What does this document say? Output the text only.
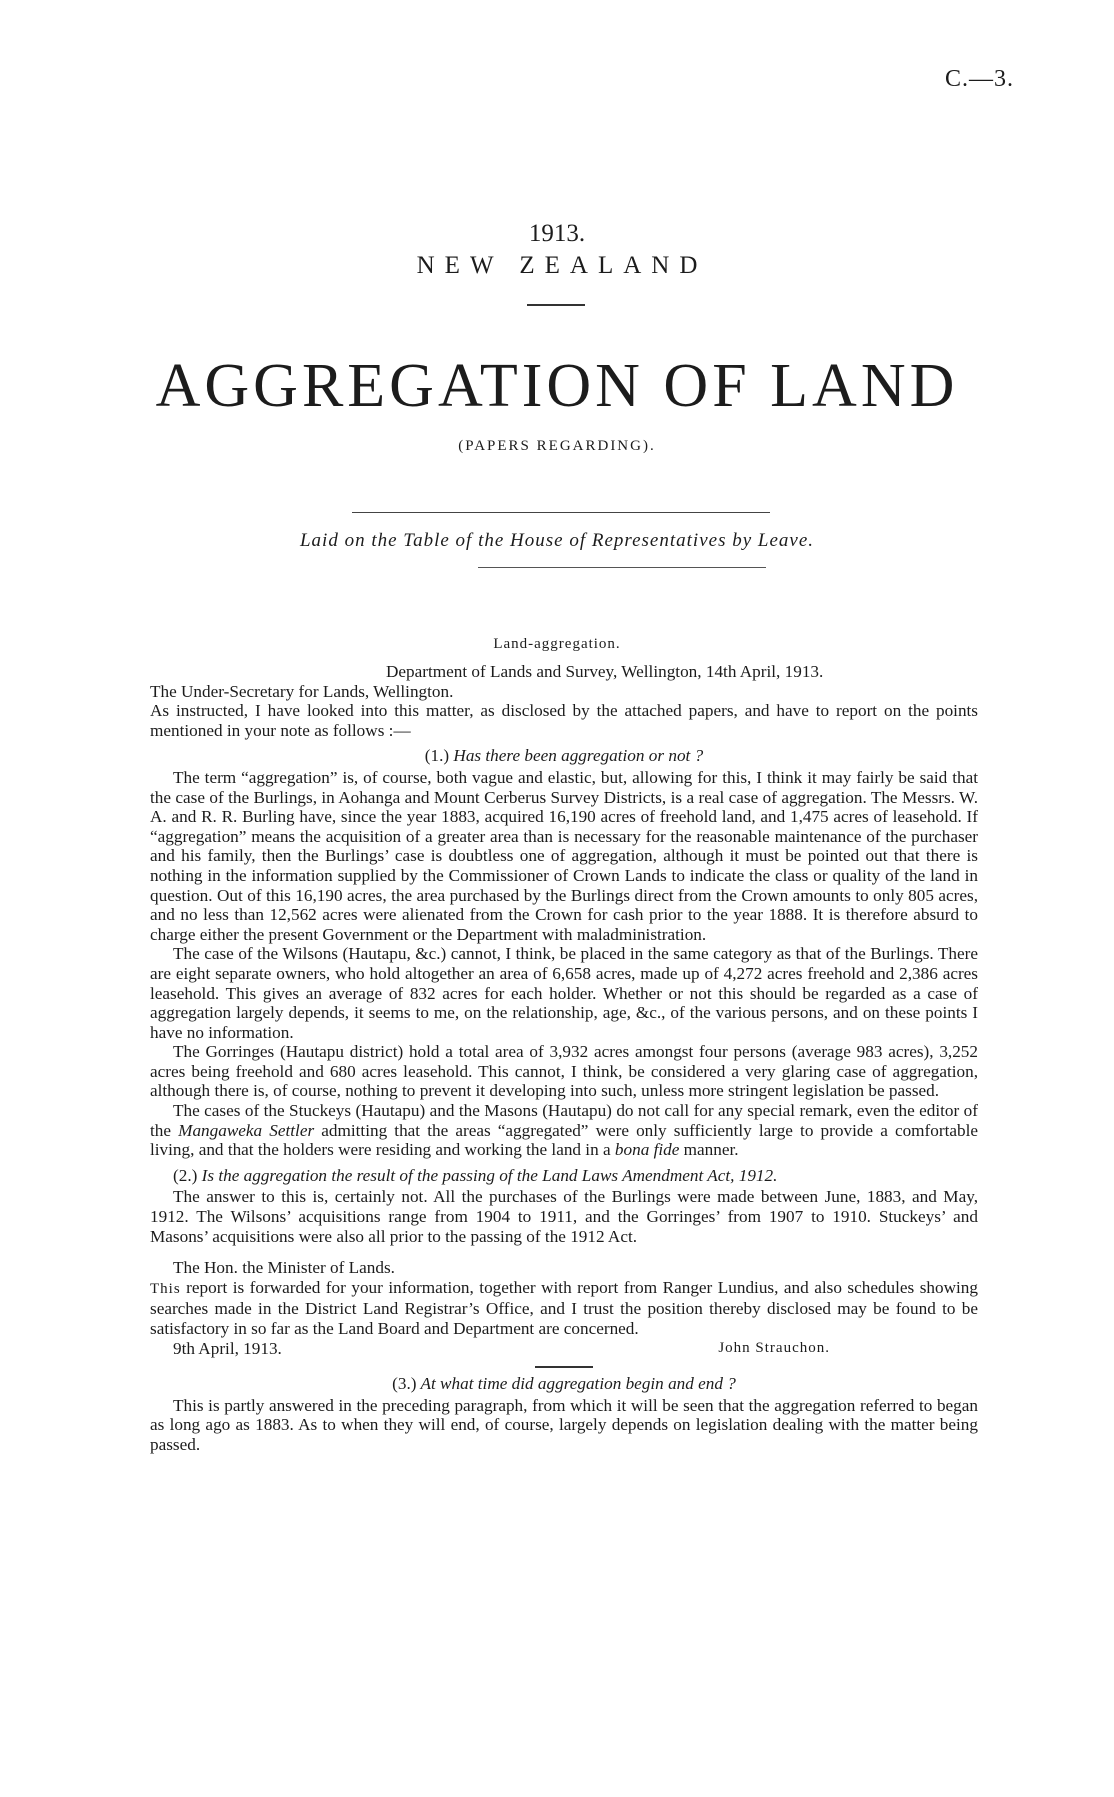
C.—3.
1913.
NEW ZEALAND
AGGREGATION OF LAND
(PAPERS REGARDING).
Laid on the Table of the House of Representatives by Leave.
Land-aggregation.

Department of Lands and Survey, Wellington, 14th April, 1913.

The Under-Secretary for Lands, Wellington.

As instructed, I have looked into this matter, as disclosed by the attached papers, and have to report on the points mentioned in your note as follows :—

(1.) Has there been aggregation or not ?

The term “aggregation” is, of course, both vague and elastic, but, allowing for this, I think it may fairly be said that the case of the Burlings, in Aohanga and Mount Cerberus Survey Districts, is a real case of aggregation. The Messrs. W. A. and R. R. Burling have, since the year 1883, acquired 16,190 acres of freehold land, and 1,475 acres of leasehold. If “aggregation” means the acquisition of a greater area than is necessary for the reasonable maintenance of the purchaser and his family, then the Burlings’ case is doubtless one of aggregation, although it must be pointed out that there is nothing in the information supplied by the Commissioner of Crown Lands to indicate the class or quality of the land in question. Out of this 16,190 acres, the area purchased by the Burlings direct from the Crown amounts to only 805 acres, and no less than 12,562 acres were alienated from the Crown for cash prior to the year 1888. It is therefore absurd to charge either the present Government or the Department with maladministration.

The case of the Wilsons (Hautapu, &c.) cannot, I think, be placed in the same category as that of the Burlings. There are eight separate owners, who hold altogether an area of 6,658 acres, made up of 4,272 acres freehold and 2,386 acres leasehold. This gives an average of 832 acres for each holder. Whether or not this should be regarded as a case of aggregation largely depends, it seems to me, on the relationship, age, &c., of the various persons, and on these points I have no information.

The Gorringes (Hautapu district) hold a total area of 3,932 acres amongst four persons (average 983 acres), 3,252 acres being freehold and 680 acres leasehold. This cannot, I think, be considered a very glaring case of aggregation, although there is, of course, nothing to prevent it developing into such, unless more stringent legislation be passed.

The cases of the Stuckeys (Hautapu) and the Masons (Hautapu) do not call for any special remark, even the editor of the Mangaweka Settler admitting that the areas “aggregated” were only sufficiently large to provide a comfortable living, and that the holders were residing and working the land in a bona fide manner.

(2.) Is the aggregation the result of the passing of the Land Laws Amendment Act, 1912.

The answer to this is, certainly not. All the purchases of the Burlings were made between June, 1883, and May, 1912. The Wilsons’ acquisitions range from 1904 to 1911, and the Gorringes’ from 1907 to 1910. Stuckeys’ and Masons’ acquisitions were also all prior to the passing of the 1912 Act.

The Hon. the Minister of Lands.

This report is forwarded for your information, together with report from Ranger Lundius, and also schedules showing searches made in the District Land Registrar’s Office, and I trust the position thereby disclosed may be found to be satisfactory in so far as the Land Board and Department are concerned.

9th April, 1913.	John Strauchon.

(3.) At what time did aggregation begin and end ?

This is partly answered in the preceding paragraph, from which it will be seen that the aggregation referred to began as long ago as 1883. As to when they will end, of course, largely depends on legislation dealing with the matter being passed.
